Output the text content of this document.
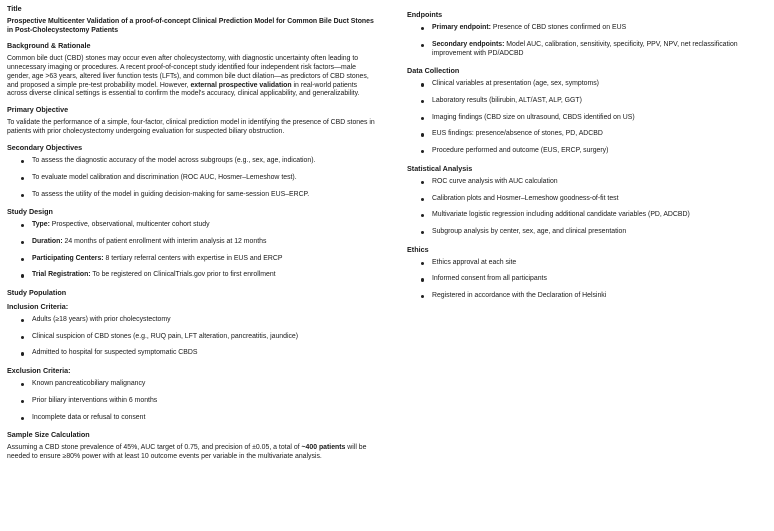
Title
Prospective Multicenter Validation of a proof-of-concept Clinical Prediction Model for Common Bile Duct Stones in Post-Cholecystectomy Patients
Background & Rationale

Common bile duct (CBD) stones may occur even after cholecystectomy, with diagnostic uncertainty often leading to unnecessary imaging or procedures. A recent proof-of-concept study identified four independent risk factors—male gender, age >63 years, altered liver function tests (LFTs), and common bile duct dilation—as predictors of CBD stones, and proposed a simple pre-test probability model. However, external prospective validation in real-world patients across diverse clinical settings is essential to confirm the model's accuracy, clinical applicability, and generalizability.

Primary Objective

To validate the performance of a simple, four-factor, clinical prediction model in identifying the presence of CBD stones in patients with prior cholecystectomy undergoing evaluation for suspected biliary obstruction.

Secondary Objectives
To assess the diagnostic accuracy of the model across subgroups (e.g., sex, age, indication).
To evaluate model calibration and discrimination (ROC AUC, Hosmer–Lemeshow test).
To assess the utility of the model in guiding decision-making for same-session EUS–ERCP.
Study Design
Type: Prospective, observational, multicenter cohort study
Duration: 24 months of patient enrollment with interim analysis at 12 months
Participating Centers: 8 tertiary referral centers with expertise in EUS and ERCP
Trial Registration: To be registered on ClinicalTrials.gov prior to first enrollment
Study Population
Inclusion Criteria:
Adults (≥18 years) with prior cholecystectomy
Clinical suspicion of CBD stones (e.g., RUQ pain, LFT alteration, pancreatitis, jaundice)
Admitted to hospital for suspected symptomatic CBDS
Exclusion Criteria:
Known pancreaticobiliary malignancy
Prior biliary interventions within 6 months
Incomplete data or refusal to consent
Sample Size Calculation

Assuming a CBD stone prevalence of 45%, AUC target of 0.75, and precision of ±0.05, a total of ~400 patients will be needed to ensure ≥80% power with at least 10 outcome events per variable in the multivariate analysis.

Endpoints
Primary endpoint: Presence of CBD stones confirmed on EUS
Secondary endpoints: Model AUC, calibration, sensitivity, specificity, PPV, NPV, net reclassification improvement with PD/ADCBD
Data Collection
Clinical variables at presentation (age, sex, symptoms)
Laboratory results (bilirubin, ALT/AST, ALP, GGT)
Imaging findings (CBD size on ultrasound, CBDS identified on US)
EUS findings: presence/absence of stones, PD, ADCBD
Procedure performed and outcome (EUS, ERCP, surgery)
Statistical Analysis
ROC curve analysis with AUC calculation
Calibration plots and Hosmer–Lemeshow goodness-of-fit test
Multivariate logistic regression including additional candidate variables (PD, ADCBD)
Subgroup analysis by center, sex, age, and clinical presentation
Ethics
Ethics approval at each site
Informed consent from all participants
Registered in accordance with the Declaration of Helsinki
